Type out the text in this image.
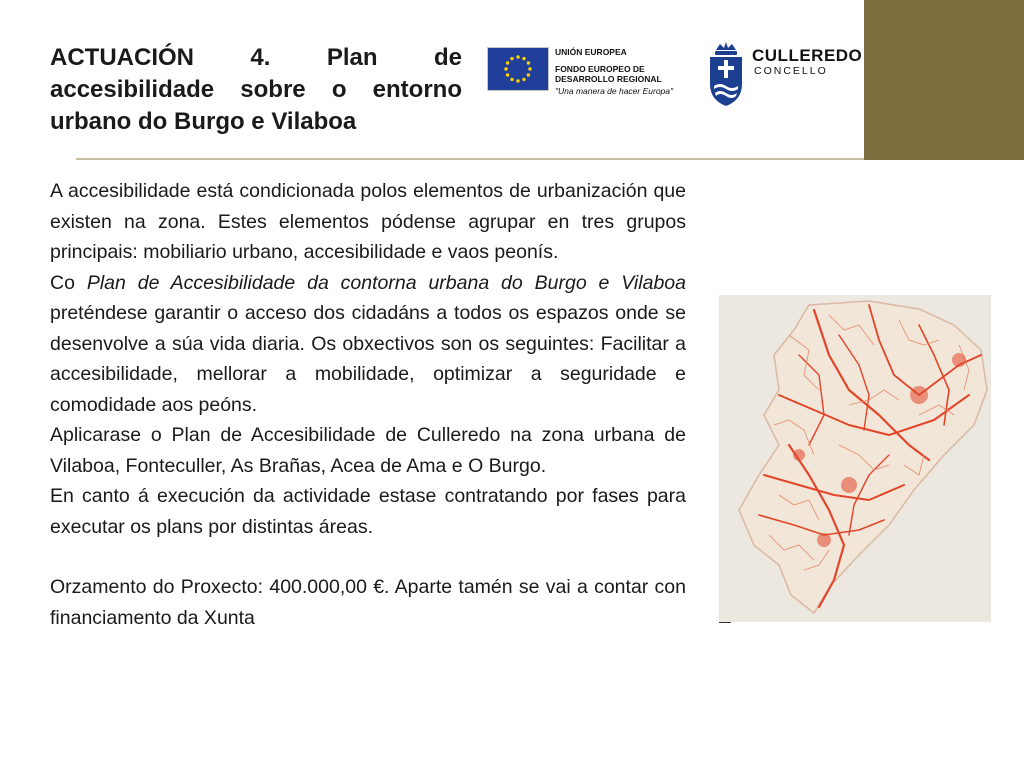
ACTUACIÓN 4. Plan de
accesibilidade sobre o entorno
urbano do Burgo e Vilaboa
UNIÓN EUROPEA
FONDO EUROPEO DE
DESARROLLO REGIONAL
"Una manera de hacer Europa"
CULLEREDO
CONCELLO

A accesibilidade está condicionada polos elementos de urbanización que existen na zona. Estes elementos pódense agrupar en tres grupos principais: mobiliario urbano, accesibilidade e vaos peonís.

Co Plan de Accesibilidade da contorna urbana do Burgo e Vilaboa preténdese garantir o acceso dos cidadáns a todos os espazos onde se desenvolve a súa vida diaria. Os obxectivos son os seguintes: Facilitar a accesibilidade, mellorar a mobilidade, optimizar a seguridade e comodidade aos peóns.

Aplicarase o Plan de Accesibilidade de Culleredo na zona urbana de Vilaboa, Fonteculler, As Brañas, Acea de Ama e O Burgo.

En canto á execución da actividade estase contratando por fases para executar os plans por distintas áreas.

Orzamento do Proxecto: 400.000,00 €. Aparte tamén se vai a contar con financiamento da Xunta
